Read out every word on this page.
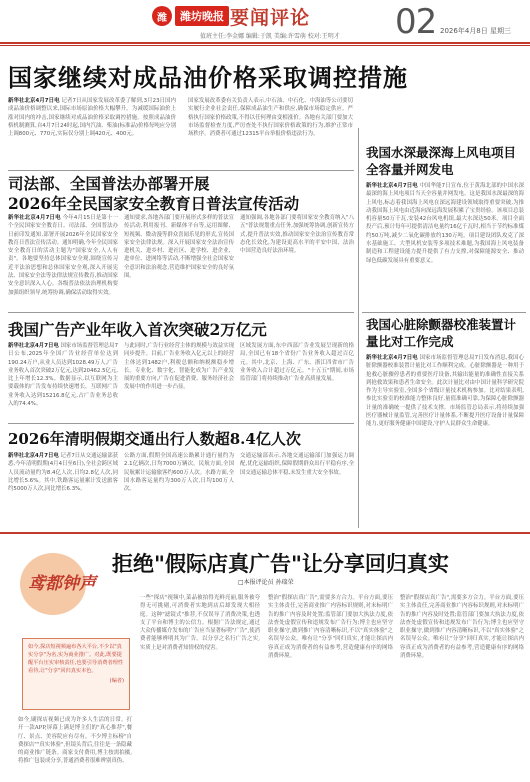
潍	潍坊晚报 要闻评论 02 2026年4月8日 星期三
值班主任:李金娜 编辑:于凯 美编:许雪萌 校对:王明才
国家继续对成品油价格采取调控措施
新华社北京4月7日电 记者7日从国家发展改革委了解到,3月23日国内成品油价格调整以来,国际市场原油价格大幅攀升。为减缓国际油价上涨对国内的冲击,国家继续对成品油价格采取调控措施。按照成品油价格机制测算,自4月7日24时起,国内汽油、柴油(标准品)价格每吨应分别上调800元、770元,实际仅分别上调420元、400元。
国家发展改革委有关负责人表示,中石油、中石化、中海油等公司要切实履行企业社会责任,保障成品油生产和供应,确保市场稳定供应。严格执行国家价格政策,不得以任何理由变相涨价。各地有关部门要加大市场监督检查力度,严厉查处不执行国家价格政策的行为,维护正常市场秩序。消费者可通过12315平台举报价格违法行为。
司法部、全国普法办部署开展
2026年全民国家安全教育日普法宣传活动
新华社北京4月7日电 今年4月15日是第十一个全民国家安全教育日。司法部、全国普法办日前印发通知,部署开展2026年全民国家安全教育日普法宣传活动。通知明确,今年全民国家安全教育日的活动主题为"国家安全,人人有责"。各地要坚持总体国家安全观,围绕宣传习近平法治思想和总体国家安全观,深入开展宪法、国家安全法等法律法规宣传教育,推动国家安全意识深入人心。各级普法依法治理机构要加强组织领导,统筹协调,确保活动取得实效。
通知要求,各地各部门要开展形式多样的普法宣传活动,利用报刊、新媒体平台等,运用图解、短视频、微动漫等群众喜闻乐见的形式,宣传国家安全法律法规。深入开展国家安全法治宣传进机关、进乡村、进社区、进学校、进企业、进单位、进网络等活动,不断增强全社会国家安全意识和法治观念,营造维护国家安全的良好氛围。
通知强调,各地各部门要将国家安全教育纳入"八五"普法规划重点任务,加强统筹协调,创新宣传方式,提升普法实效,推动国家安全法治宣传教育常态化长效化,为建设更高水平的平安中国、法治中国营造良好法治环境。
我国广告产业年收入首次突破2万亿元
新华社北京4月7日电 国家市场监督管理总局7日公布,2025年全国广告业经营单位达到190.24万户,从业人员达到1028.49万人,广告业务收入首次突破2万亿元,达到20462.5亿元,比上年增长12.3%。数据显示,以互联网为主要载体的广告发布持续快速增长。互联网广告业务收入达到15216.8亿元,占广告业务总收入的74.4%。
与此同时,广告行业经营主体的规模与效益实现同步提升。目前,广告业务收入亿元以上的经营主体达到1482户,利税总额和纳税额稳步增长。专业化、数字化、智能化成为广告产业发展的重要方向,广告在促进消费、服务经济社会发展中的作用进一步凸显。
区域发展方面,东中西部广告业发展呈现新的格局,全国已有18个省份广告业务收入超过百亿元。其中,北京、上海、广东、浙江四省市广告业务收入合计超过万亿元。"十五五"期间,市场监管部门将持续推动广告业高质量发展。
2026年清明假期交通出行人数超8.4亿人次
新华社北京4月7日电 记者7日从交通运输部获悉,今年清明假期(4月4日至6日),全社会跨区域人员流动量约为8.4亿人次,日均2.8亿人次,同比增长5.6%。其中,铁路客运量累计发送旅客约5000万人次,同比增长6.3%。
公路方面,假期全国高速公路累计通行量约为2.1亿辆次,日均7000万辆次。民航方面,全国民航累计运输旅客约600万人次。水路方面,全国水路客运量约为300万人次,日均100万人次。
交通运输部表示,各地交通运输部门加强运力调配,优化运输组织,保障假期群众出行平稳有序,全国交通运输总体平稳,未发生重大安全事故。
我国水深最深海上风电项目全容量并网发电
新华社北京4月7日电 中国华能7日宣布,位于黄海北部的中国水深最深的海上风电项目当天全容量并网发电。这是我国水深最深的海上风电,标志着我国海上风电在深远海建设领域取得重要突破,为推动我国海上风电由近海向深远海发展积累了宝贵经验。该项目总装机容量50万千瓦,安装42台风电机组,最大水深达50米。项目全面投产后,预计每年可提供清洁电量约16亿千瓦时,相当于节约标准煤约50万吨,减少二氧化碳排放约130万吨。项目建设团队攻克了深水基础施工、大型风机安装等多项技术难题,为我国海上风电装备制造和工程建设能力提升提供了有力支撑,对保障能源安全、推动绿色低碳发展具有重要意义。
我国心脏除颤器校准装置计量比对工作完成
新华社北京4月7日电 国家市场监督管理总局7日发布消息,我国心脏除颤器校准装置计量比对工作顺利完成。心脏除颤器是一种用于抢救心脏骤停患者的重要医疗设备,其输出能量的准确性直接关系到抢救效果和患者生命安全。此次计量比对由中国计量科学研究院作为主导实验室,全国多个省级计量技术机构参加。比对结果表明,参比实验室的校准能力整体良好,量值准确可靠,为保障心脏除颤器计量的准确统一提供了技术支撑。市场监管总局表示,将持续加强医疗器械计量监管,完善医疗计量体系,不断提升医疗设备计量保障能力,更好服务健康中国建设,守护人民群众生命健康。
鸢都钟声
拒绝"假际店真广告"让分享回归真实
□本报评论员 孙瑞荣
如今,探店短视频遍布各大平台,不少以"真实分享"为名,实为商业推广。对此,既要提醒平台压实审核责任,也要引导消费者理性看待,让"分享"回归真实本色。
(编者)
如今,刷探店视频已成为许多人生活的日常。打开一款APP,屏幕上满是博主们的"真心推荐",餐厅、景点、美容院应有尽有。不少博主标榜"自费探店""真实体验",但镜头背后,往往是一条隐藏的商业推广链条。商家支付费用,博主按需拍摄,将推广包装成分享,普通消费者很难辨别真伪。
一些"探店"视频中,菜品被拍得光鲜亮丽,服务被夸得无可挑剔,可消费者实地到店后却发现大相径庭。这种"滤镜式"推荐,不仅误导了消费决策,也透支了平台和博主的公信力。根据广告法规定,通过大众传播媒介发布的广告应当显著标明"广告",使消费者能够辨明其为广告。以分享之名行广告之实,实质上是对消费者知情权的侵害。
整治"假探店真广告",需要多方合力。平台方面,要压实主体责任,完善商业推广内容标识规则,对未标明广告的推广内容及时处置;监管部门要加大执法力度,依法查处虚假宣传和违规发布广告行为;博主也应坚守职业操守,做到推广内容清晰标识,不以"真实体验"之名误导公众。唯有让"分享"回归真实,才能让探店内容真正成为消费者的有益参考,营造健康有序的网络消费环境。
整治"假探店真广告",需要多方合力。平台方面,要压实主体责任,完善商业推广内容标识规则,对未标明广告的推广内容及时处置;监管部门要加大执法力度,依法查处虚假宣传和违规发布广告行为;博主也应坚守职业操守,做到推广内容清晰标识,不以"真实体验"之名误导公众。唯有让"分享"回归真实,才能让探店内容真正成为消费者的有益参考,营造健康有序的网络消费环境。
